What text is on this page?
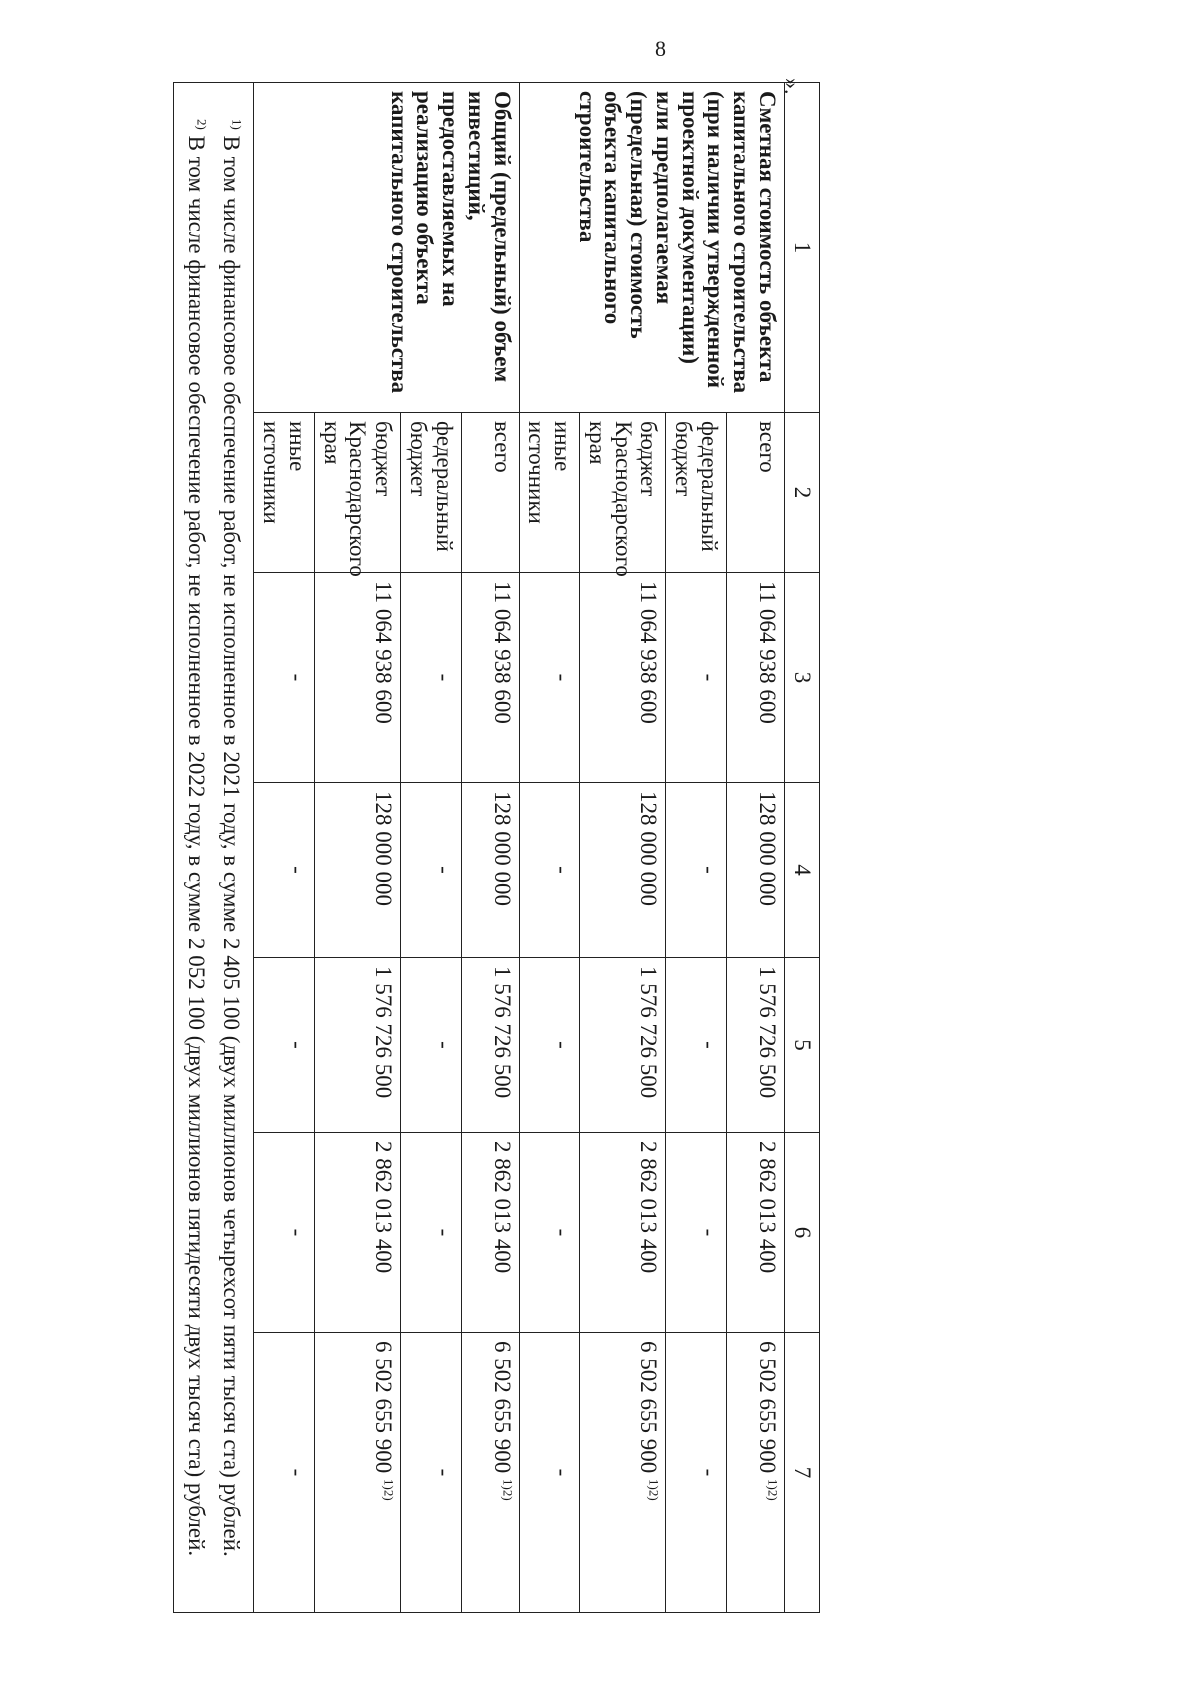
8
».
1	2	3	4	5	6	7
Сметная стоимость объекта капитального строительства (при наличии утвержденной проектной документации) или предполагаемая (предельная) стоимость объекта капитального строительства	всего	11 064 938 600	128 000 000	1 576 726 500	2 862 013 400	6 502 655 900 $^{1)2)}$
	федеральный бюджет	-	-	-	-	-
	бюджет Краснодарского края	11 064 938 600	128 000 000	1 576 726 500	2 862 013 400	6 502 655 900 $^{1)2)}$
	иные источники	-	-	-	-	-
Общий (предельный) объем инвестиций, предоставляемых на реализацию объекта капитального строительства	всего	11 064 938 600	128 000 000	1 576 726 500	2 862 013 400	6 502 655 900 $^{1)2)}$
	федеральный бюджет	-	-	-	-	-
	бюджет Краснодарского края	11 064 938 600	128 000 000	1 576 726 500	2 862 013 400	6 502 655 900 $^{1)2)}$
	иные источники	-	-	-	-	-

$^{1)}$ В том числе финансовое обеспечение работ, не исполненное в 2021 году, в сумме 2 405 100 (двух миллионов четырехсот пяти тысяч ста) рублей.
$^{2)}$ В том числе финансовое обеспечение работ, не исполненное в 2022 году, в сумме 2 052 100 (двух миллионов пятидесяти двух тысяч ста) рублей.						
